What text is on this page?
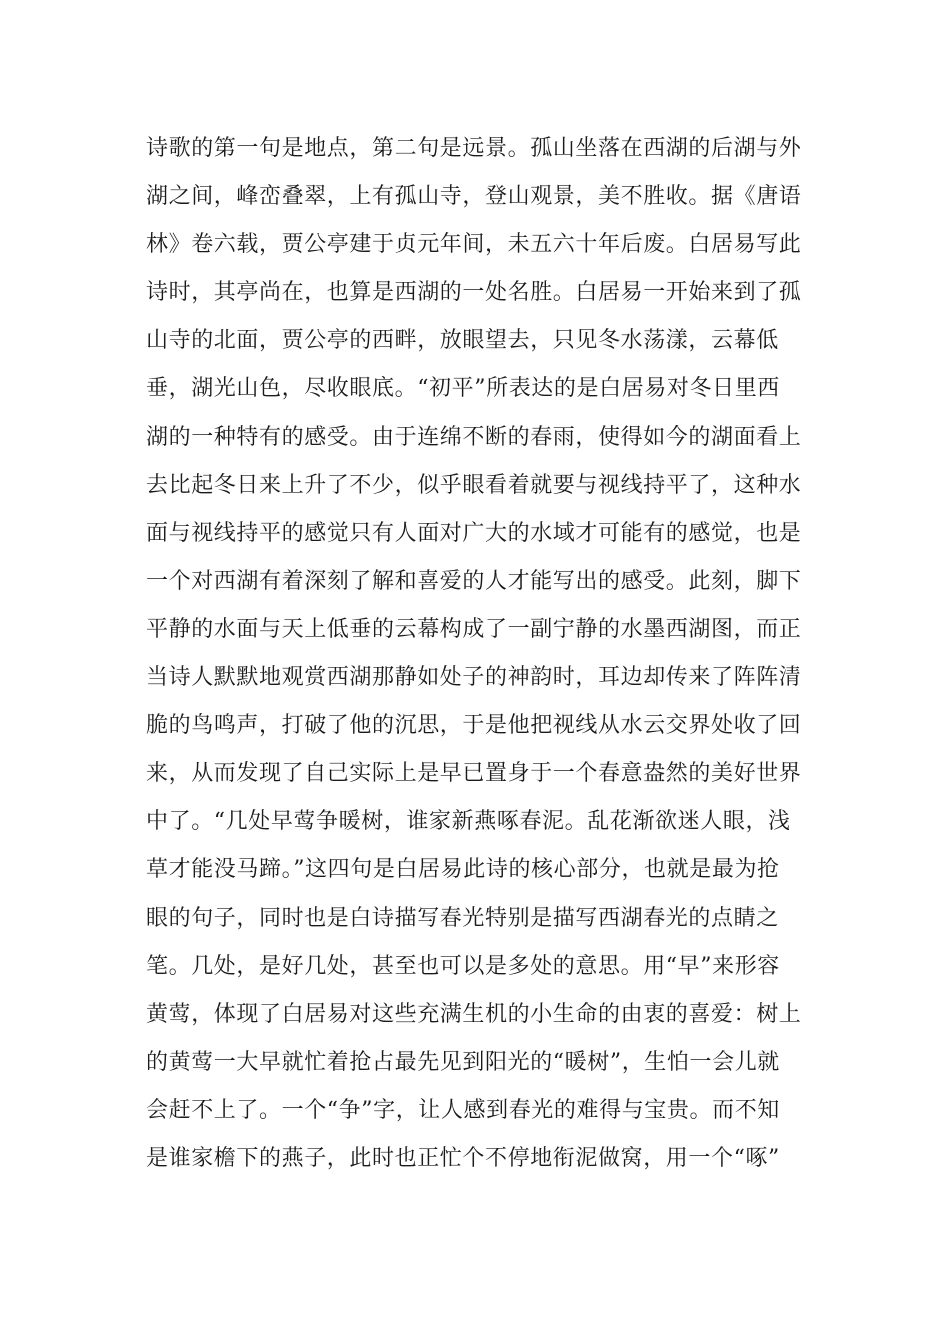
诗歌的第一句是地点，第二句是远景。孤山坐落在西湖的后湖与外
湖之间，峰峦叠翠，上有孤山寺，登山观景，美不胜收。据《唐语
林》卷六载，贾公亭建于贞元年间，未五六十年后废。白居易写此
诗时，其亭尚在，也算是西湖的一处名胜。白居易一开始来到了孤
山寺的北面，贾公亭的西畔，放眼望去，只见冬水荡漾，云幕低
垂，湖光山色，尽收眼底。“初平”所表达的是白居易对冬日里西
湖的一种特有的感受。由于连绵不断的春雨，使得如今的湖面看上
去比起冬日来上升了不少，似乎眼看着就要与视线持平了，这种水
面与视线持平的感觉只有人面对广大的水域才可能有的感觉，也是
一个对西湖有着深刻了解和喜爱的人才能写出的感受。此刻，脚下
平静的水面与天上低垂的云幕构成了一副宁静的水墨西湖图，而正
当诗人默默地观赏西湖那静如处子的神韵时，耳边却传来了阵阵清
脆的鸟鸣声，打破了他的沉思，于是他把视线从水云交界处收了回
来，从而发现了自己实际上是早已置身于一个春意盎然的美好世界
中了。“几处早莺争暖树，谁家新燕啄春泥。乱花渐欲迷人眼，浅
草才能没马蹄。”这四句是白居易此诗的核心部分，也就是最为抢
眼的句子，同时也是白诗描写春光特别是描写西湖春光的点睛之
笔。几处，是好几处，甚至也可以是多处的意思。用“早”来形容
黄莺，体现了白居易对这些充满生机的小生命的由衷的喜爱：树上
的黄莺一大早就忙着抢占最先见到阳光的“暖树”，生怕一会儿就
会赶不上了。一个“争”字，让人感到春光的难得与宝贵。而不知
是谁家檐下的燕子，此时也正忙个不停地衔泥做窝，用一个“啄”
